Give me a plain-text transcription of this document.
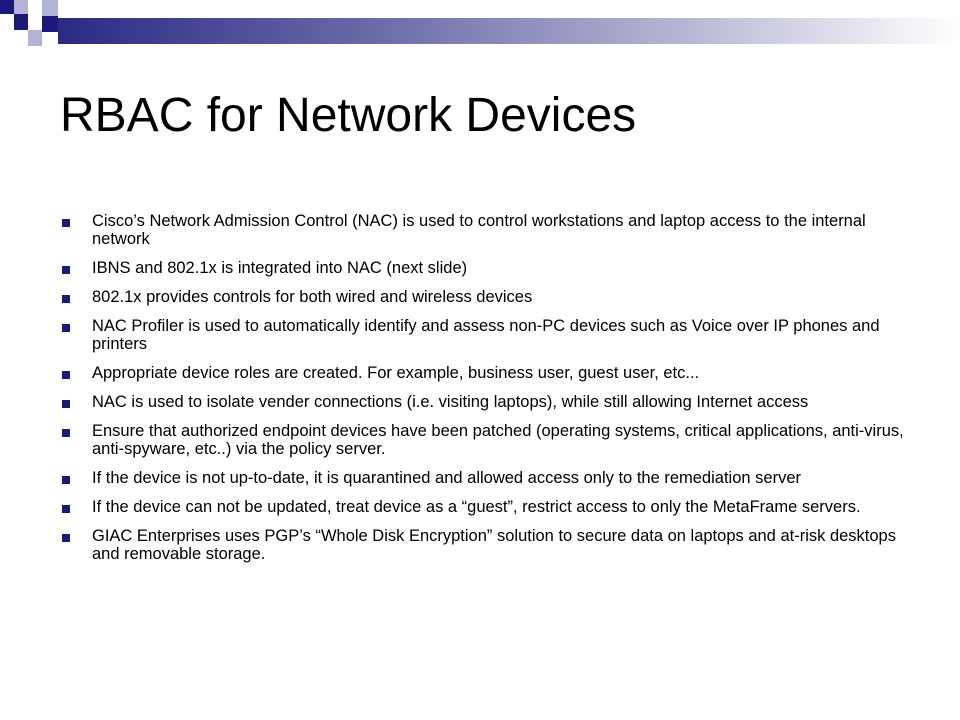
RBAC for Network Devices
Cisco’s Network Admission Control (NAC) is used to control workstations and laptop access to the internal network
IBNS and 802.1x is integrated into NAC (next slide)
802.1x provides controls for both wired and wireless devices
NAC Profiler is used to automatically identify and assess non-PC devices such as Voice over IP phones and printers
Appropriate device roles are created. For example, business user, guest user, etc...
NAC is used to isolate vender connections (i.e. visiting laptops), while still allowing Internet access
Ensure that authorized endpoint devices have been patched (operating systems, critical applications, anti-virus, anti-spyware, etc..) via the policy server.
If the device is not up-to-date, it is quarantined and allowed access only to the remediation server
If the device can not be updated, treat device as a “guest”, restrict access to only the MetaFrame servers.
GIAC Enterprises uses PGP’s “Whole Disk Encryption” solution to secure data on laptops and at-risk desktops and removable storage.
